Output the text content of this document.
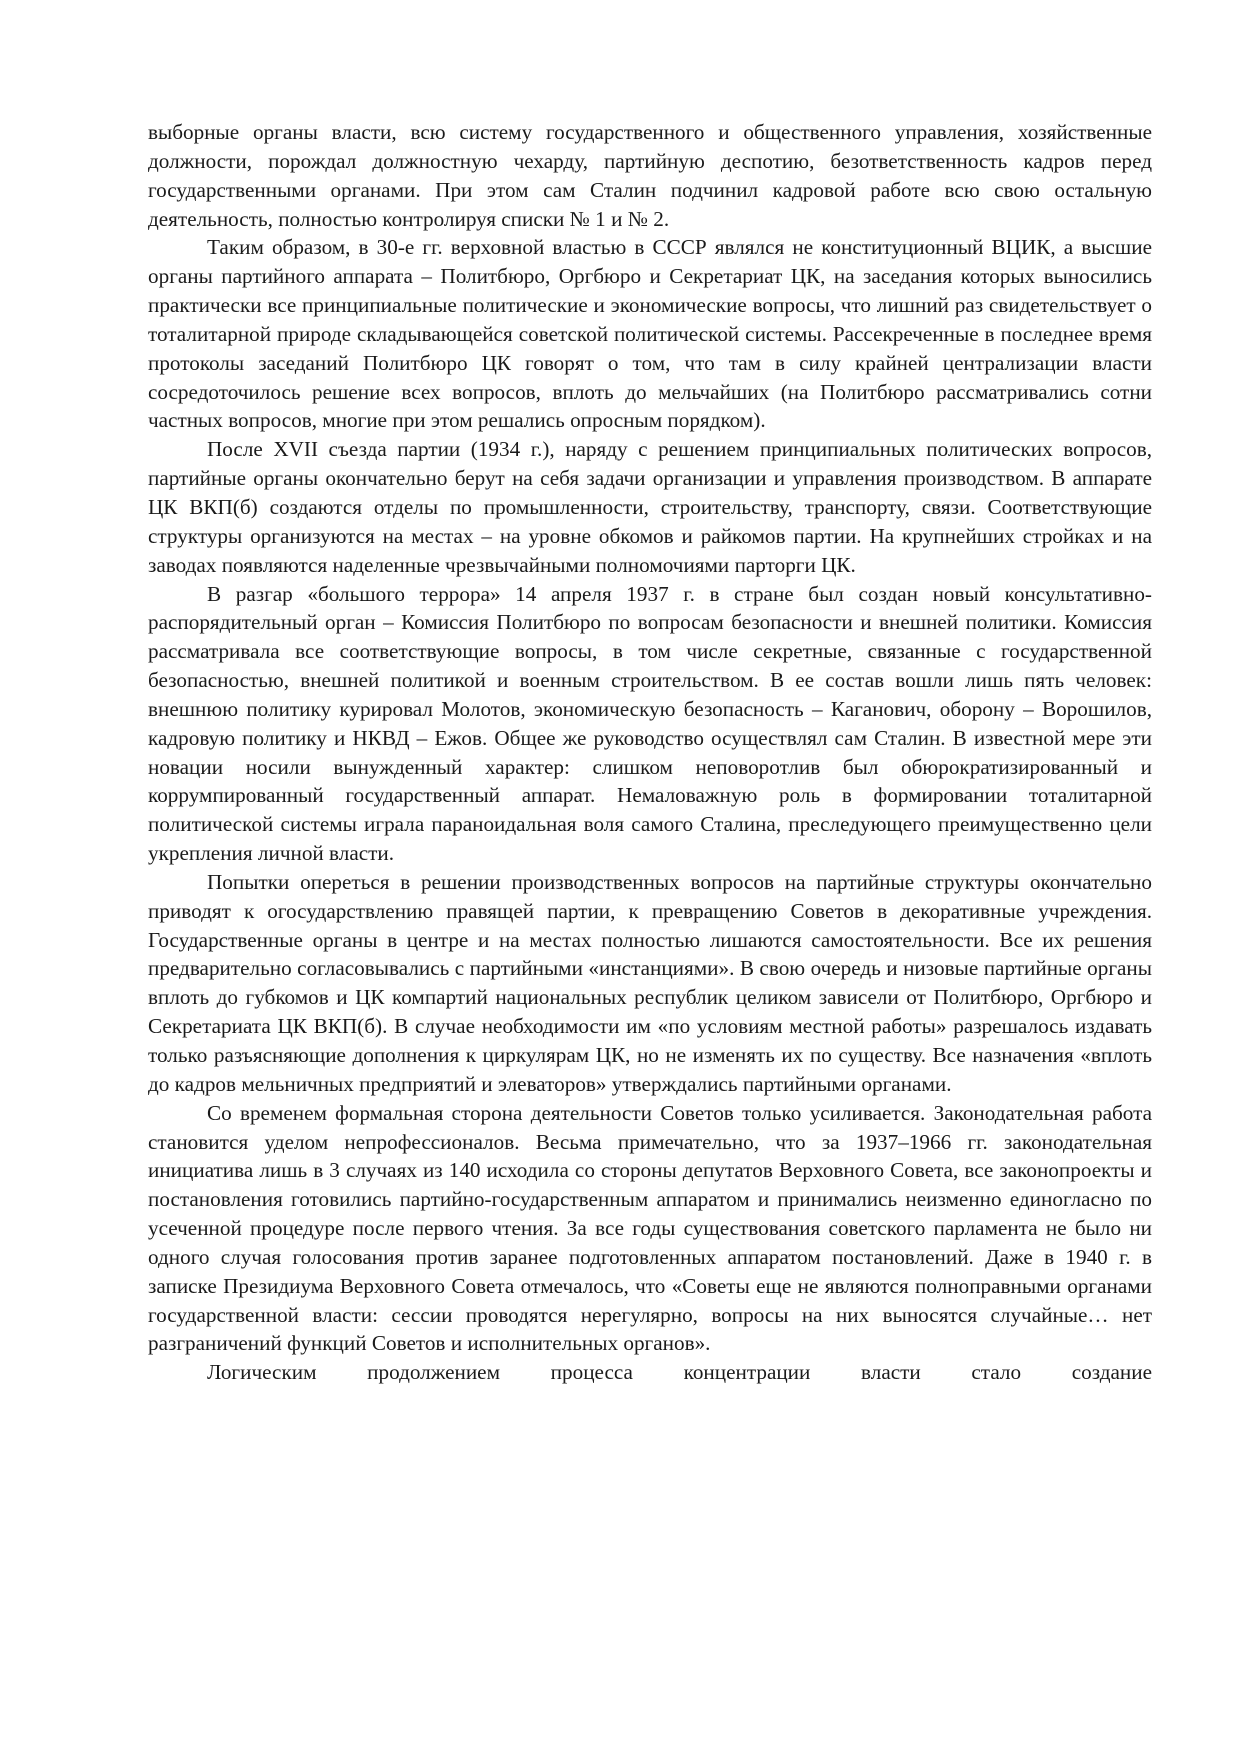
выборные органы власти, всю систему государственного и общественного управления, хозяйственные должности, порождал должностную чехарду, партийную деспотию, безответственность кадров перед государственными органами. При этом сам Сталин подчинил кадровой работе всю свою остальную деятельность, полностью контролируя списки № 1 и № 2.

Таким образом, в 30-е гг. верховной властью в СССР являлся не конституционный ВЦИК, а высшие органы партийного аппарата – Политбюро, Оргбюро и Секретариат ЦК, на заседания которых выносились практически все принципиальные политические и экономические вопросы, что лишний раз свидетельствует о тоталитарной природе складывающейся советской политической системы. Рассекреченные в последнее время протоколы заседаний Политбюро ЦК говорят о том, что там в силу крайней централизации власти сосредоточилось решение всех вопросов, вплоть до мельчайших (на Политбюро рассматривались сотни частных вопросов, многие при этом решались опросным порядком).

После XVII съезда партии (1934 г.), наряду с решением принципиальных политических вопросов, партийные органы окончательно берут на себя задачи организации и управления производством. В аппарате ЦК ВКП(б) создаются отделы по промышленности, строительству, транспорту, связи. Соответствующие структуры организуются на местах – на уровне обкомов и райкомов партии. На крупнейших стройках и на заводах появляются наделенные чрезвычайными полномочиями парторги ЦК.

В разгар «большого террора» 14 апреля 1937 г. в стране был создан новый консультативно-распорядительный орган – Комиссия Политбюро по вопросам безопасности и внешней политики. Комиссия рассматривала все соответствующие вопросы, в том числе секретные, связанные с государственной безопасностью, внешней политикой и военным строительством. В ее состав вошли лишь пять человек: внешнюю политику курировал Молотов, экономическую безопасность – Каганович, оборону – Ворошилов, кадровую политику и НКВД – Ежов. Общее же руководство осуществлял сам Сталин. В известной мере эти новации носили вынужденный характер: слишком неповоротлив был обюрократизированный и коррумпированный государственный аппарат. Немаловажную роль в формировании тоталитарной политической системы играла параноидальная воля самого Сталина, преследующего преимущественно цели укрепления личной власти.

Попытки опереться в решении производственных вопросов на партийные структуры окончательно приводят к огосударствлению правящей партии, к превращению Советов в декоративные учреждения. Государственные органы в центре и на местах полностью лишаются самостоятельности. Все их решения предварительно согласовывались с партийными «инстанциями». В свою очередь и низовые партийные органы вплоть до губкомов и ЦК компартий национальных республик целиком зависели от Политбюро, Оргбюро и Секретариата ЦК ВКП(б). В случае необходимости им «по условиям местной работы» разрешалось издавать только разъясняющие дополнения к циркулярам ЦК, но не изменять их по существу. Все назначения «вплоть до кадров мельничных предприятий и элеваторов» утверждались партийными органами.

Со временем формальная сторона деятельности Советов только усиливается. Законодательная работа становится уделом непрофессионалов. Весьма примечательно, что за 1937–1966 гг. законодательная инициатива лишь в 3 случаях из 140 исходила со стороны депутатов Верховного Совета, все законопроекты и постановления готовились партийно-государственным аппаратом и принимались неизменно единогласно по усеченной процедуре после первого чтения. За все годы существования советского парламента не было ни одного случая голосования против заранее подготовленных аппаратом постановлений. Даже в 1940 г. в записке Президиума Верховного Совета отмечалось, что «Советы еще не являются полноправными органами государственной власти: сессии проводятся нерегулярно, вопросы на них выносятся случайные… нет разграничений функций Советов и исполнительных органов».

Логическим продолжением процесса концентрации власти стало создание
